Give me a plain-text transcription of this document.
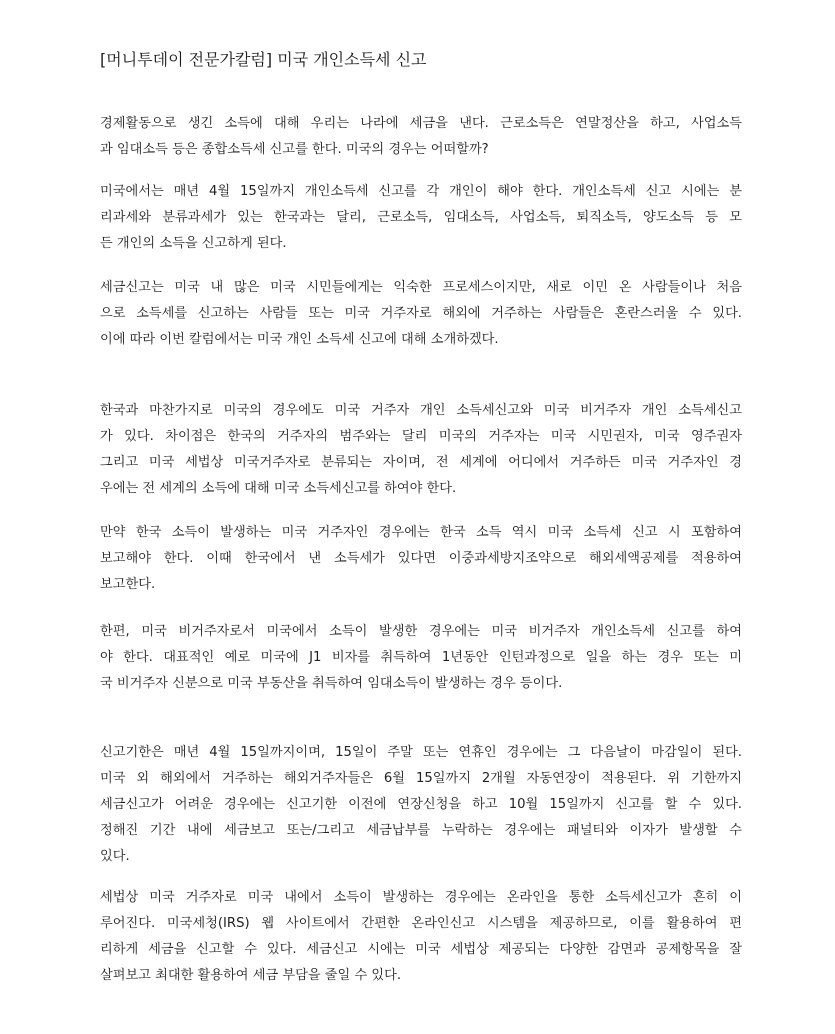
[머니투데이 전문가칼럼] 미국 개인소득세 신고
경제활동으로 생긴 소득에 대해 우리는 나라에 세금을 낸다. 근로소득은 연말정산을 하고, 사업소득
과 임대소득 등은 종합소득세 신고를 한다. 미국의 경우는 어떠할까?
미국에서는 매년 4월 15일까지 개인소득세 신고를 각 개인이 해야 한다. 개인소득세 신고 시에는 분
리과세와 분류과세가 있는 한국과는 달리, 근로소득, 임대소득, 사업소득, 퇴직소득, 양도소득 등 모
든 개인의 소득을 신고하게 된다.
세금신고는 미국 내 많은 미국 시민들에게는 익숙한 프로세스이지만, 새로 이민 온 사람들이나 처음
으로 소득세를 신고하는 사람들 또는 미국 거주자로 해외에 거주하는 사람들은 혼란스러울 수 있다.
이에 따라 이번 칼럼에서는 미국 개인 소득세 신고에 대해 소개하겠다.
한국과 마찬가지로 미국의 경우에도 미국 거주자 개인 소득세신고와 미국 비거주자 개인 소득세신고
가 있다. 차이점은 한국의 거주자의 범주와는 달리 미국의 거주자는 미국 시민권자, 미국 영주권자
그리고 미국 세법상 미국거주자로 분류되는 자이며, 전 세계에 어디에서 거주하든 미국 거주자인 경
우에는 전 세계의 소득에 대해 미국 소득세신고를 하여야 한다.
만약 한국 소득이 발생하는 미국 거주자인 경우에는 한국 소득 역시 미국 소득세 신고 시 포함하여
보고해야 한다. 이때 한국에서 낸 소득세가 있다면 이중과세방지조약으로 해외세액공제를 적용하여
보고한다.
한편, 미국 비거주자로서 미국에서 소득이 발생한 경우에는 미국 비거주자 개인소득세 신고를 하여
야 한다. 대표적인 예로 미국에 J1 비자를 취득하여 1년동안 인턴과정으로 일을 하는 경우 또는 미
국 비거주자 신분으로 미국 부동산을 취득하여 임대소득이 발생하는 경우 등이다.
신고기한은 매년 4월 15일까지이며, 15일이 주말 또는 연휴인 경우에는 그 다음날이 마감일이 된다.
미국 외 해외에서 거주하는 해외거주자들은 6월 15일까지 2개월 자동연장이 적용된다. 위 기한까지
세금신고가 어려운 경우에는 신고기한 이전에 연장신청을 하고 10월 15일까지 신고를 할 수 있다.
정해진 기간 내에 세금보고 또는/그리고 세금납부를 누락하는 경우에는 패널티와 이자가 발생할 수
있다.
세법상 미국 거주자로 미국 내에서 소득이 발생하는 경우에는 온라인을 통한 소득세신고가 흔히 이
루어진다. 미국세청(IRS) 웹 사이트에서 간편한 온라인신고 시스템을 제공하므로, 이를 활용하여 편
리하게 세금을 신고할 수 있다. 세금신고 시에는 미국 세법상 제공되는 다양한 감면과 공제항목을 잘
살펴보고 최대한 활용하여 세금 부담을 줄일 수 있다.
